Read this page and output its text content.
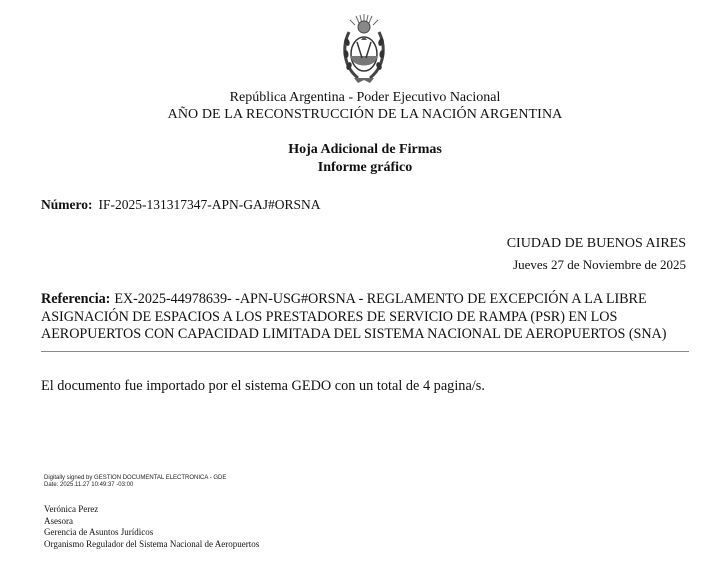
República Argentina - Poder Ejecutivo Nacional
AÑO DE LA RECONSTRUCCIÓN DE LA NACIÓN ARGENTINA
Hoja Adicional de Firmas
Informe gráfico
Número: IF-2025-131317347-APN-GAJ#ORSNA
CIUDAD DE BUENOS AIRES
Jueves 27 de Noviembre de 2025
Referencia: EX-2025-44978639- -APN-USG#ORSNA - REGLAMENTO DE EXCEPCIÓN A LA LIBRE ASIGNACIÓN DE ESPACIOS A LOS PRESTADORES DE SERVICIO DE RAMPA (PSR) EN LOS AEROPUERTOS CON CAPACIDAD LIMITADA DEL SISTEMA NACIONAL DE AEROPUERTOS (SNA)
El documento fue importado por el sistema GEDO con un total de 4 pagina/s.
Digitally signed by GESTION DOCUMENTAL ELECTRONICA - GDE
Date: 2025.11.27 10:49:37 -03:00
Verónica Perez
Asesora
Gerencia de Asuntos Jurídicos
Organismo Regulador del Sistema Nacional de Aeropuertos
